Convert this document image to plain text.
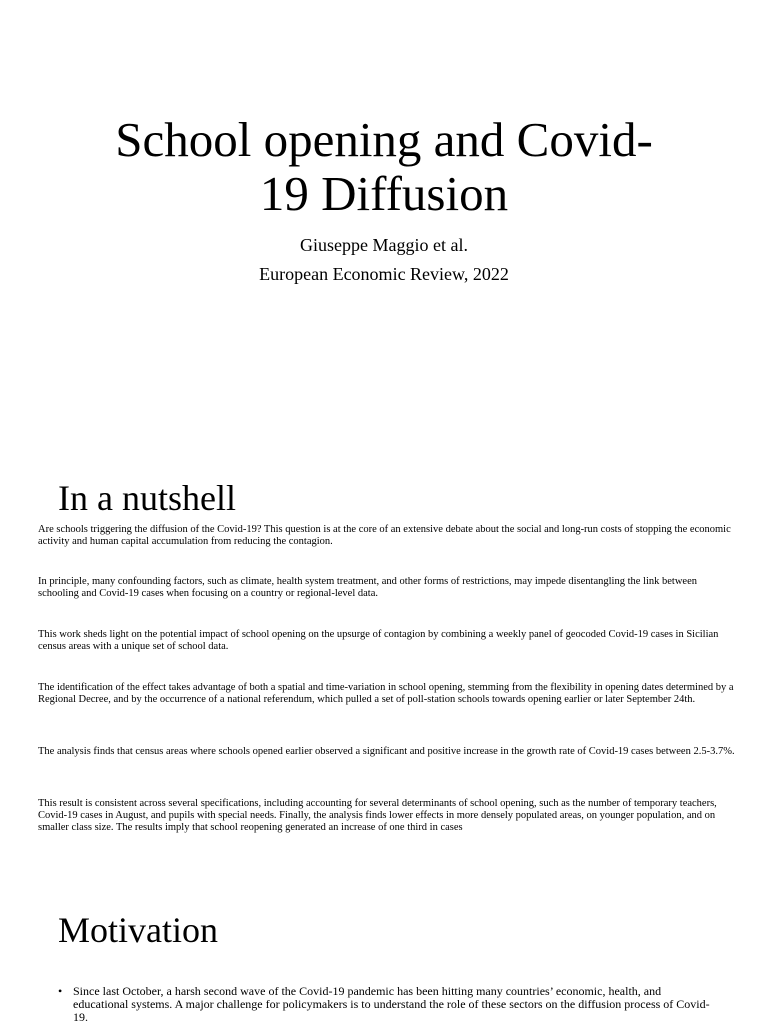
School opening and Covid-19 Diffusion

Giuseppe Maggio et al.

European Economic Review, 2022

In a nutshell

Are schools triggering the diffusion of the Covid-19? This question is at the core of an extensive debate about the social and long-run costs of stopping the economic activity and human capital accumulation from reducing the contagion.

In principle, many confounding factors, such as climate, health system treatment, and other forms of restrictions, may impede disentangling the link between schooling and Covid-19 cases when focusing on a country or regional-level data.

This work sheds light on the potential impact of school opening on the upsurge of contagion by combining a weekly panel of geocoded Covid-19 cases in Sicilian census areas with a unique set of school data.

The identification of the effect takes advantage of both a spatial and time-variation in school opening, stemming from the flexibility in opening dates determined by a Regional Decree, and by the occurrence of a national referendum, which pulled a set of poll-station schools towards opening earlier or later September 24th.

The analysis finds that census areas where schools opened earlier observed a significant and positive increase in the growth rate of Covid-19 cases between 2.5-3.7%.

This result is consistent across several specifications, including accounting for several determinants of school opening, such as the number of temporary teachers, Covid-19 cases in August, and pupils with special needs. Finally, the analysis finds lower effects in more densely populated areas, on younger population, and on smaller class size. The results imply that school reopening generated an increase of one third in cases

Motivation
• Since last October, a harsh second wave of the Covid-19 pandemic has been hitting many countries’ economic, health, and educational systems. A major challenge for policymakers is to understand the role of these sectors on the diffusion process of Covid-19.
